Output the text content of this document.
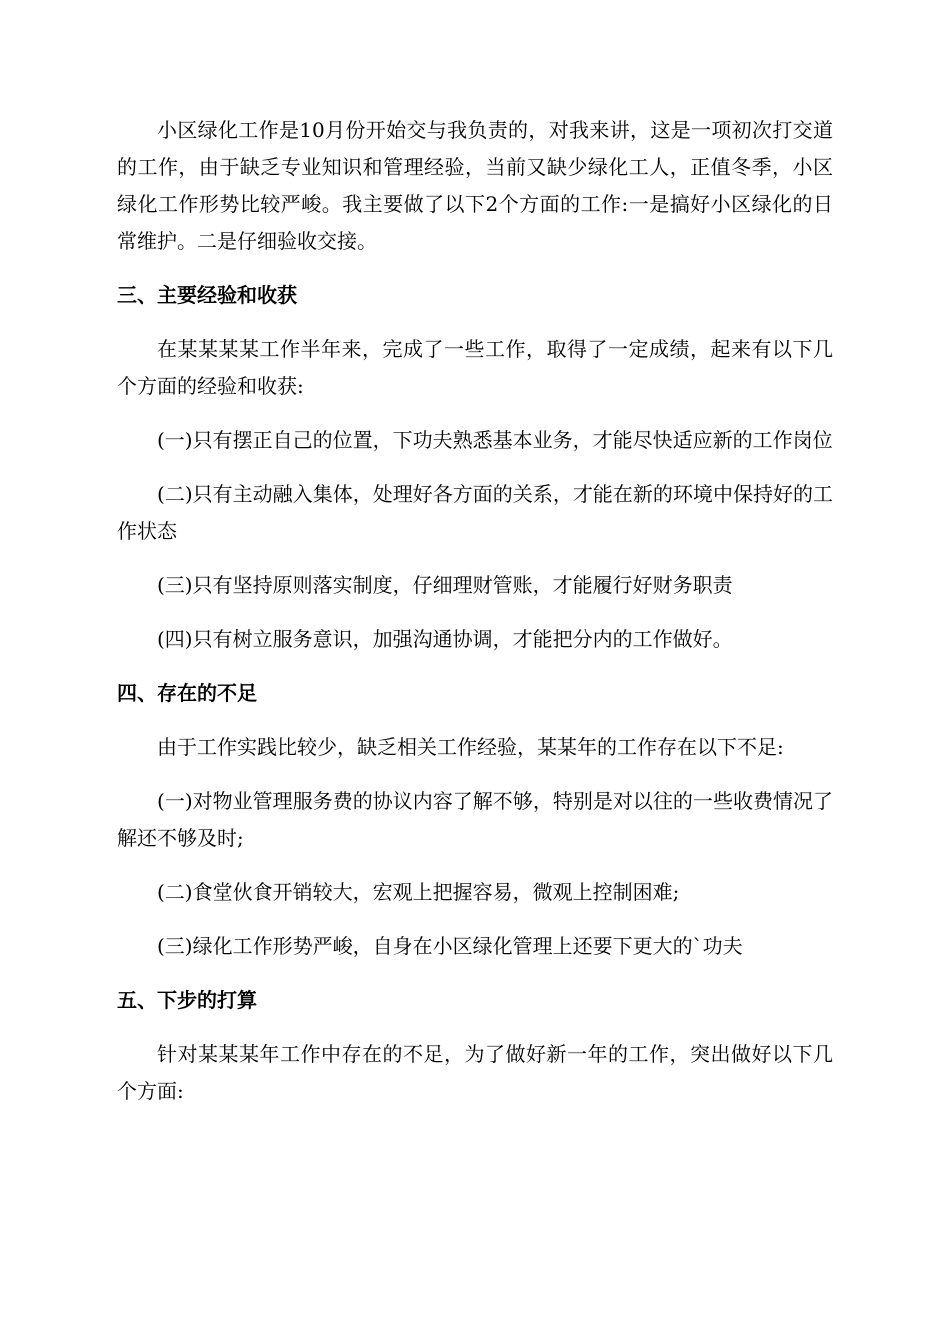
小区绿化工作是10月份开始交与我负责的，对我来讲，这是一项初次打交道的工作，由于缺乏专业知识和管理经验，当前又缺少绿化工人，正值冬季，小区绿化工作形势比较严峻。我主要做了以下2个方面的工作:一是搞好小区绿化的日常维护。二是仔细验收交接。

三、主要经验和收获

在某某某某工作半年来，完成了一些工作，取得了一定成绩，起来有以下几个方面的经验和收获:

(一)只有摆正自己的位置，下功夫熟悉基本业务，才能尽快适应新的工作岗位

(二)只有主动融入集体，处理好各方面的关系，才能在新的环境中保持好的工作状态

(三)只有坚持原则落实制度，仔细理财管账，才能履行好财务职责

(四)只有树立服务意识，加强沟通协调，才能把分内的工作做好。

四、存在的不足

由于工作实践比较少，缺乏相关工作经验，某某年的工作存在以下不足:

(一)对物业管理服务费的协议内容了解不够，特别是对以往的一些收费情况了解还不够及时;

(二)食堂伙食开销较大，宏观上把握容易，微观上控制困难;

(三)绿化工作形势严峻，自身在小区绿化管理上还要下更大的`功夫

五、下步的打算

针对某某某年工作中存在的不足，为了做好新一年的工作，突出做好以下几个方面:
